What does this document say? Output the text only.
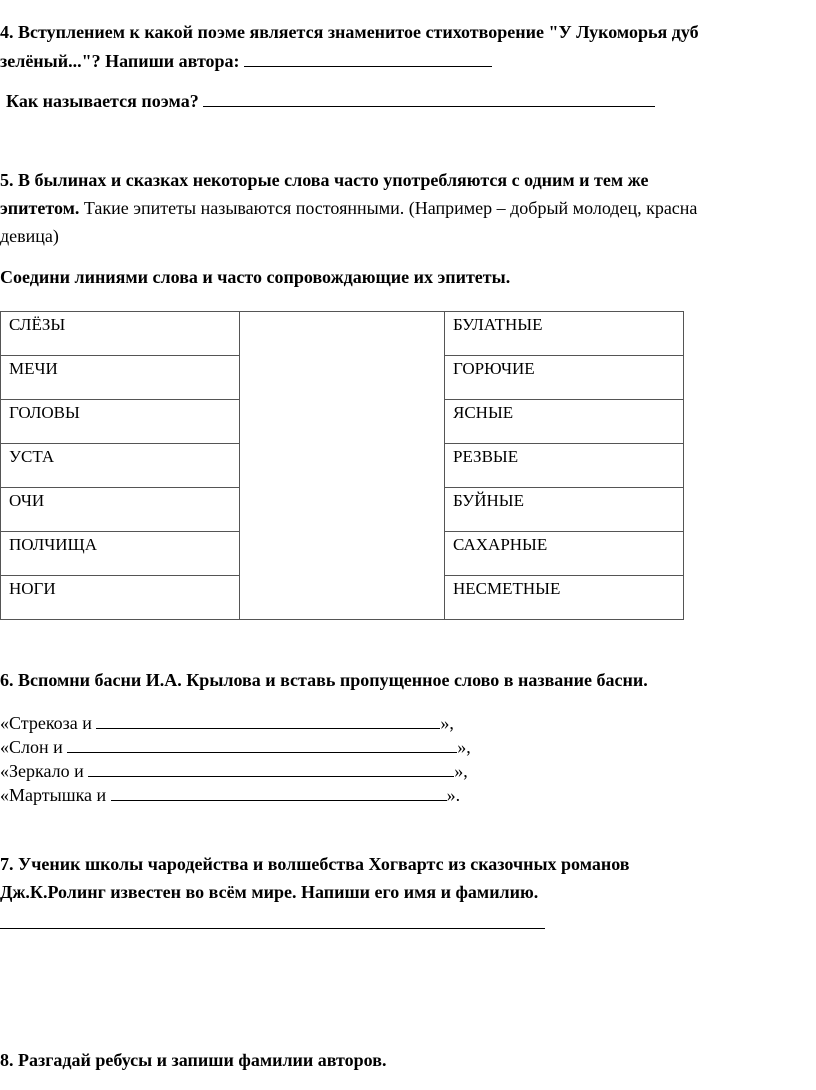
4. Вступлением к какой поэме является знаменитое стихотворение "У Лукоморья дуб
зелёный..."? Напиши автора:
Как называется поэма?
5. В былинах и сказках некоторые слова часто употребляются с одним и тем же
эпитетом. Такие эпитеты называются постоянными. (Например – добрый молодец, красна
девица)
Соедини линиями слова и часто сопровождающие их эпитеты.
СЛЁЗЫ		БУЛАТНЫЕ
МЕЧИ		ГОРЮЧИЕ
ГОЛОВЫ		ЯСНЫЕ
УСТА		РЕЗВЫЕ
ОЧИ		БУЙНЫЕ
ПОЛЧИЩА		САХАРНЫЕ
НОГИ		НЕСМЕТНЫЕ
6. Вспомни басни И.А. Крылова и вставь пропущенное слово в название басни.
«Стрекоза и	»,
«Слон и	»,
«Зеркало и	»,
«Мартышка и	».
7. Ученик школы чародейства и волшебства Хогвартс из сказочных романов
Дж.К.Ролинг известен во всём мире. Напиши его имя и фамилию.
8. Разгадай ребусы и запиши фамилии авторов.
